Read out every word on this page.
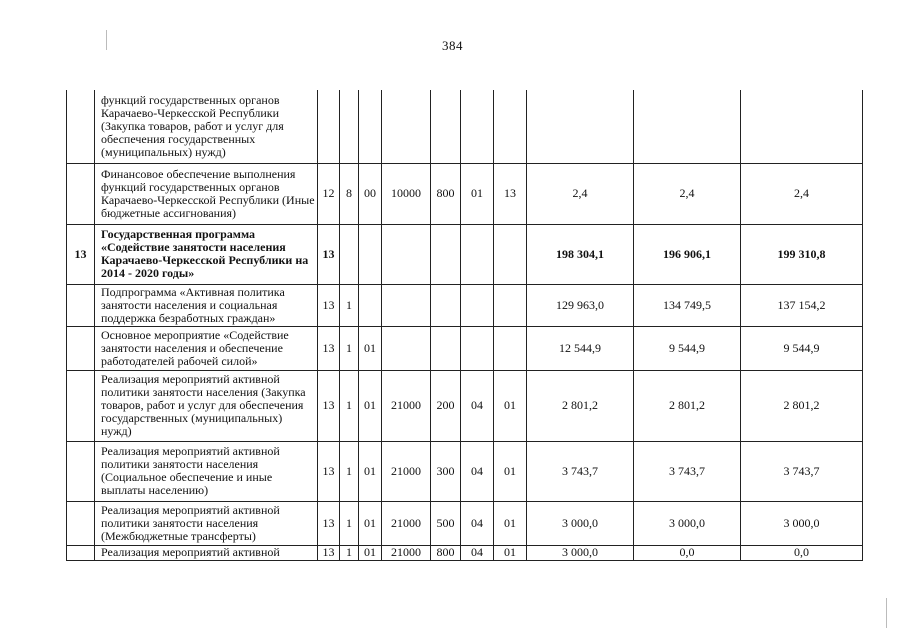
384
	функций государственных органов Карачаево-Черкесской Республики (Закупка товаров, работ и услуг для обеспечения государственных (муниципальных) нужд)										
	Финансовое обеспечение выполнения функций государственных органов Карачаево-Черкесской Республики (Иные бюджетные ассигнования)	12	8	00	10000	800	01	13	2,4	2,4	2,4
13	Государственная программа «Содействие занятости населения Карачаево-Черкесской Республики на 2014 - 2020 годы»	13							198 304,1	196 906,1	199 310,8
	Подпрограмма «Активная политика занятости населения и социальная поддержка безработных граждан»	13	1						129 963,0	134 749,5	137 154,2
	Основное мероприятие «Содействие занятости населения и обеспечение работодателей рабочей силой»	13	1	01					12 544,9	9 544,9	9 544,9
	Реализация мероприятий активной политики занятости населения (Закупка товаров, работ и услуг для обеспечения государственных (муниципальных) нужд)	13	1	01	21000	200	04	01	2 801,2	2 801,2	2 801,2
	Реализация мероприятий активной политики занятости населения (Социальное обеспечение и иные выплаты населению)	13	1	01	21000	300	04	01	3 743,7	3 743,7	3 743,7
	Реализация мероприятий активной политики занятости населения (Межбюджетные трансферты)	13	1	01	21000	500	04	01	3 000,0	3 000,0	3 000,0
	Реализация мероприятий активной	13	1	01	21000	800	04	01	3 000,0	0,0	0,0
